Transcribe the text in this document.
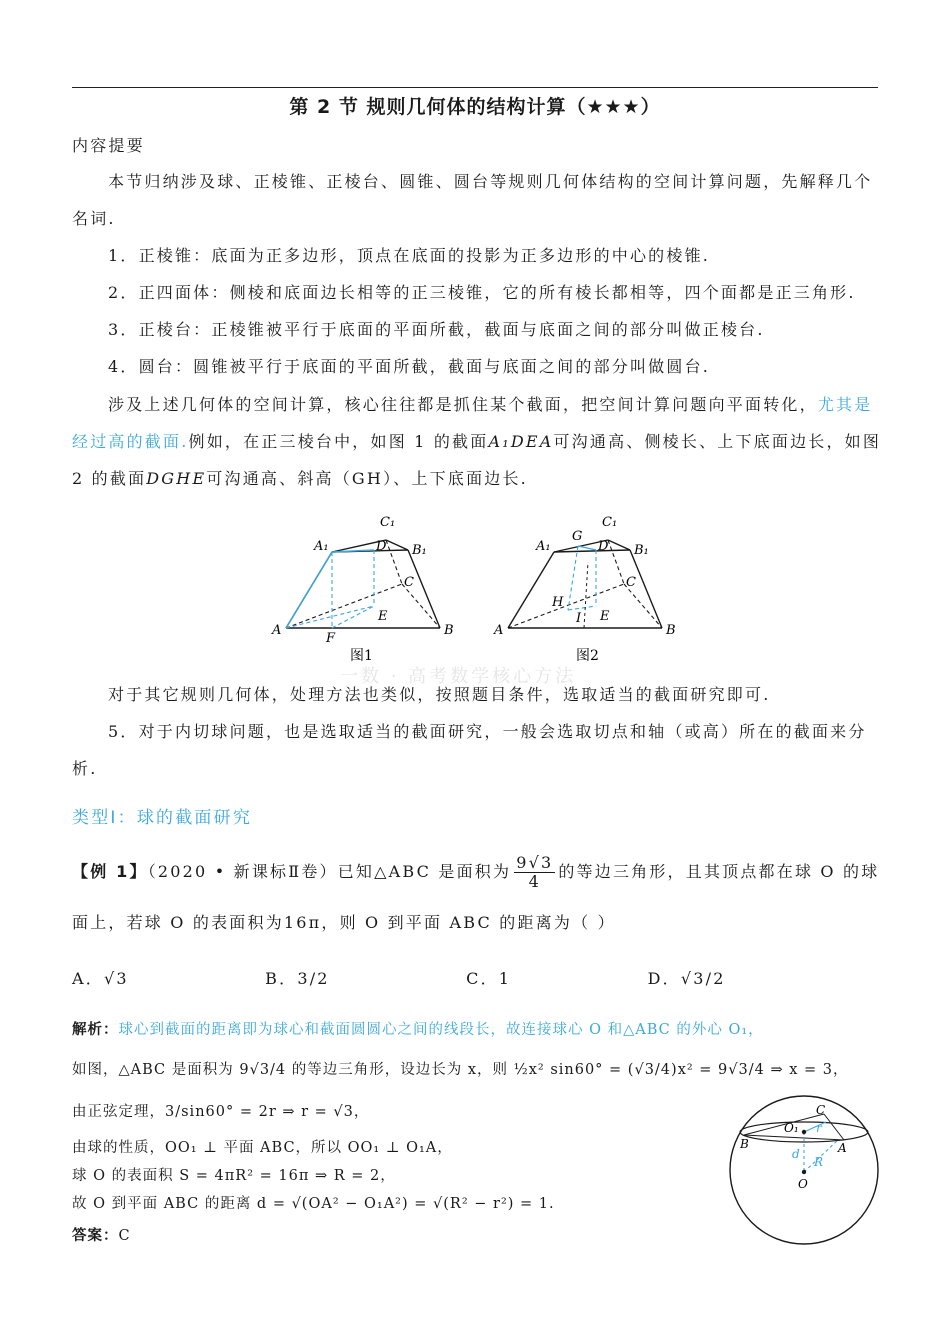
第 2 节 规则几何体的结构计算（★★★）
内容提要
本节归纳涉及球、正棱锥、正棱台、圆锥、圆台等规则几何体结构的空间计算问题，先解释几个名词.
1．正棱锥：底面为正多边形，顶点在底面的投影为正多边形的中心的棱锥.
2．正四面体：侧棱和底面边长相等的正三棱锥，它的所有棱长都相等，四个面都是正三角形.
3．正棱台：正棱锥被平行于底面的平面所截，截面与底面之间的部分叫做正棱台.
4．圆台：圆锥被平行于底面的平面所截，截面与底面之间的部分叫做圆台.
涉及上述几何体的空间计算，核心往往都是抓住某个截面，把空间计算问题向平面转化，尤其是经过高的截面.例如，在正三棱台中，如图 1 的截面A₁DEA可沟通高、侧棱长、上下底面边长，如图 2 的截面DGHE可沟通高、斜高（GH）、上下底面边长.
C₁
A₁	D B₁
C
E
A
F
B
图1
C₁
G
A₁	D B₁
C
H
E
I
A	B
图2
一数 · 高考数学核心方法
对于其它规则几何体，处理方法也类似，按照题目条件，选取适当的截面研究即可.
5．对于内切球问题，也是选取适当的截面研究，一般会选取切点和轴（或高）所在的截面来分析.
类型Ⅰ：球的截面研究
【例 1】（2020 • 新课标Ⅱ卷）已知△ABC 是面积为 $\frac{9√3}{4}$ 的等边三角形，且其顶点都在球 O 的球
面上，若球 O 的表面积为16π，则 O 到平面 ABC 的距离为（ ）
A．√3	B．3/2	C．1	D．√3/2
解析：球心到截面的距离即为球心和截面圆圆心之间的线段长，故连接球心 O 和△ABC 的外心 O₁，
如图，△ABC 是面积为 9√3/4 的等边三角形，设边长为 x，则 ½x² sin60° = (√3/4)x² = 9√3/4 ⇒ x = 3，
由正弦定理，3/sin60° = 2r ⇒ r = √3，
由球的性质，OO₁ ⊥ 平面 ABC，所以 OO₁ ⊥ O₁A，
球 O 的表面积 S = 4πR² = 16π ⇒ R = 2，
故 O 到平面 ABC 的距离 d = √(OA² − O₁A²) = √(R² − r²) = 1.
答案：C
C
O₁ r
B	A
d
R
O
